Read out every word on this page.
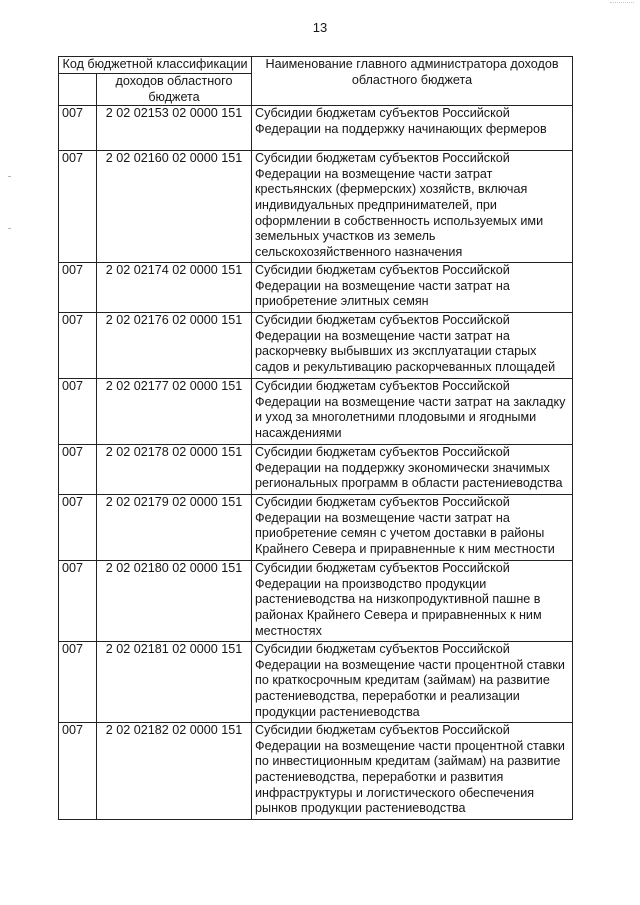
13
Код бюджетной классификации		Наименование главного администратора доходов областного бюджета
	доходов областного бюджета	
007	2 02 02153 02 0000 151	Субсидии бюджетам субъектов Российской Федерации на поддержку начинающих фермеров
007	2 02 02160 02 0000 151	Субсидии бюджетам субъектов Российской Федерации на возмещение части затрат крестьянских (фермерских) хозяйств, включая индивидуальных предпринимателей, при оформлении в собственность используемых ими земельных участков из земель сельскохозяйственного назначения
007	2 02 02174 02 0000 151	Субсидии бюджетам субъектов Российской Федерации на возмещение части затрат на приобретение элитных семян
007	2 02 02176 02 0000 151	Субсидии бюджетам субъектов Российской Федерации на возмещение части затрат на раскорчевку выбывших из эксплуатации старых садов и рекультивацию раскорчеванных площадей
007	2 02 02177 02 0000 151	Субсидии бюджетам субъектов Российской Федерации на возмещение части затрат на закладку и уход за многолетними плодовыми и ягодными насаждениями
007	2 02 02178 02 0000 151	Субсидии бюджетам субъектов Российской Федерации на поддержку экономически значимых региональных программ в области растениеводства
007	2 02 02179 02 0000 151	Субсидии бюджетам субъектов Российской Федерации на возмещение части затрат на приобретение семян с учетом доставки в районы Крайнего Севера и приравненные к ним местности
007	2 02 02180 02 0000 151	Субсидии бюджетам субъектов Российской Федерации на производство продукции растениеводства на низкопродуктивной пашне в районах Крайнего Севера и приравненных к ним местностях
007	2 02 02181 02 0000 151	Субсидии бюджетам субъектов Российской Федерации на возмещение части процентной ставки по краткосрочным кредитам (займам) на развитие растениеводства, переработки и реализации продукции растениеводства
007	2 02 02182 02 0000 151	Субсидии бюджетам субъектов Российской Федерации на возмещение части процентной ставки по инвестиционным кредитам (займам) на развитие растениеводства, переработки и развития инфраструктуры и логистического обеспечения рынков продукции растениеводства
